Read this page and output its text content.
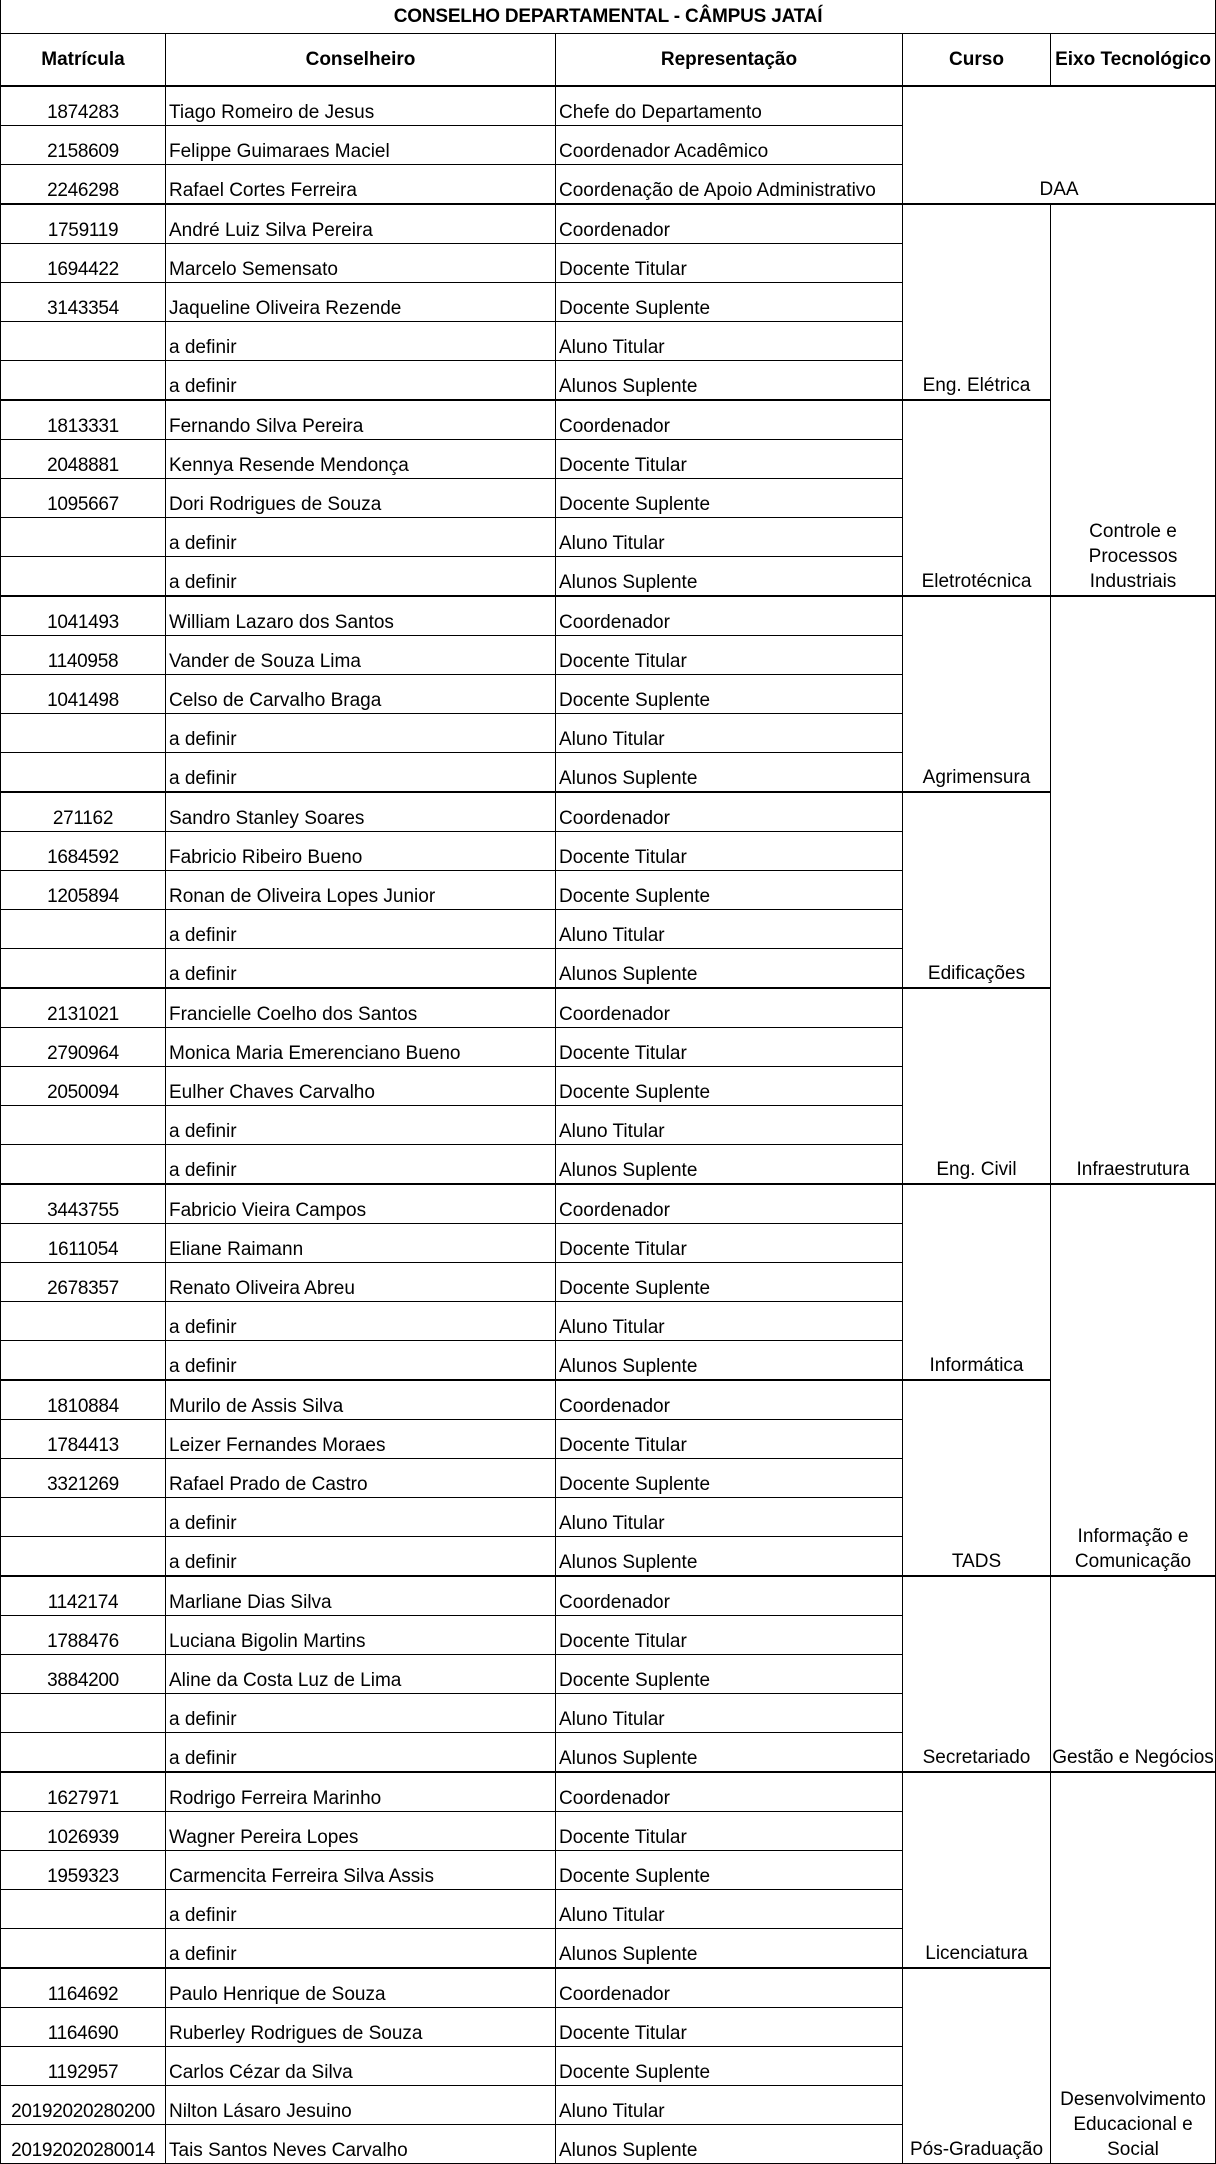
CONSELHO DEPARTAMENTAL - CÂMPUS JATAÍ				
Matrícula	Conselheiro	Representação	Curso	Eixo Tecnológico
1874283	Tiago Romeiro de Jesus	Chefe do Departamento	DAA	
2158609	Felippe Guimaraes Maciel	Coordenador Acadêmico		
2246298	Rafael Cortes Ferreira	Coordenação de Apoio Administrativo		
1759119	André Luiz Silva Pereira	Coordenador	Eng. Elétrica	Controle e Processos Industriais
1694422	Marcelo Semensato	Docente Titular		
3143354	Jaqueline Oliveira Rezende	Docente Suplente		
	a definir	Aluno Titular		
	a definir	Alunos Suplente		
1813331	Fernando Silva Pereira	Coordenador	Eletrotécnica	
2048881	Kennya Resende Mendonça	Docente Titular		
1095667	Dori Rodrigues de Souza	Docente Suplente		
	a definir	Aluno Titular		
	a definir	Alunos Suplente		
1041493	William Lazaro dos Santos	Coordenador	Agrimensura	Infraestrutura
1140958	Vander de Souza Lima	Docente Titular		
1041498	Celso de Carvalho Braga	Docente Suplente		
	a definir	Aluno Titular		
	a definir	Alunos Suplente		
271162	Sandro Stanley Soares	Coordenador	Edificações	
1684592	Fabricio Ribeiro Bueno	Docente Titular		
1205894	Ronan de Oliveira Lopes Junior	Docente Suplente		
	a definir	Aluno Titular		
	a definir	Alunos Suplente		
2131021	Francielle Coelho dos Santos	Coordenador	Eng. Civil	
2790964	Monica Maria Emerenciano Bueno	Docente Titular		
2050094	Eulher Chaves Carvalho	Docente Suplente		
	a definir	Aluno Titular		
	a definir	Alunos Suplente		
3443755	Fabricio Vieira Campos	Coordenador	Informática	Informação e Comunicação
1611054	Eliane Raimann	Docente Titular		
2678357	Renato Oliveira Abreu	Docente Suplente		
	a definir	Aluno Titular		
	a definir	Alunos Suplente		
1810884	Murilo de Assis Silva	Coordenador	TADS	
1784413	Leizer Fernandes Moraes	Docente Titular		
3321269	Rafael Prado de Castro	Docente Suplente		
	a definir	Aluno Titular		
	a definir	Alunos Suplente		
1142174	Marliane Dias Silva	Coordenador	Secretariado	Gestão e Negócios
1788476	Luciana Bigolin Martins	Docente Titular		
3884200	Aline da Costa Luz de Lima	Docente Suplente		
	a definir	Aluno Titular		
	a definir	Alunos Suplente		
1627971	Rodrigo Ferreira Marinho	Coordenador	Licenciatura	Desenvolvimento Educacional e Social
1026939	Wagner Pereira Lopes	Docente Titular		
1959323	Carmencita Ferreira Silva Assis	Docente Suplente		
	a definir	Aluno Titular		
	a definir	Alunos Suplente		
1164692	Paulo Henrique de Souza	Coordenador	Pós-Graduação	
1164690	Ruberley Rodrigues de Souza	Docente Titular		
1192957	Carlos Cézar da Silva	Docente Suplente		
20192020280200	Nilton Lásaro Jesuino	Aluno Titular		
20192020280014	Tais Santos Neves Carvalho	Alunos Suplente		
